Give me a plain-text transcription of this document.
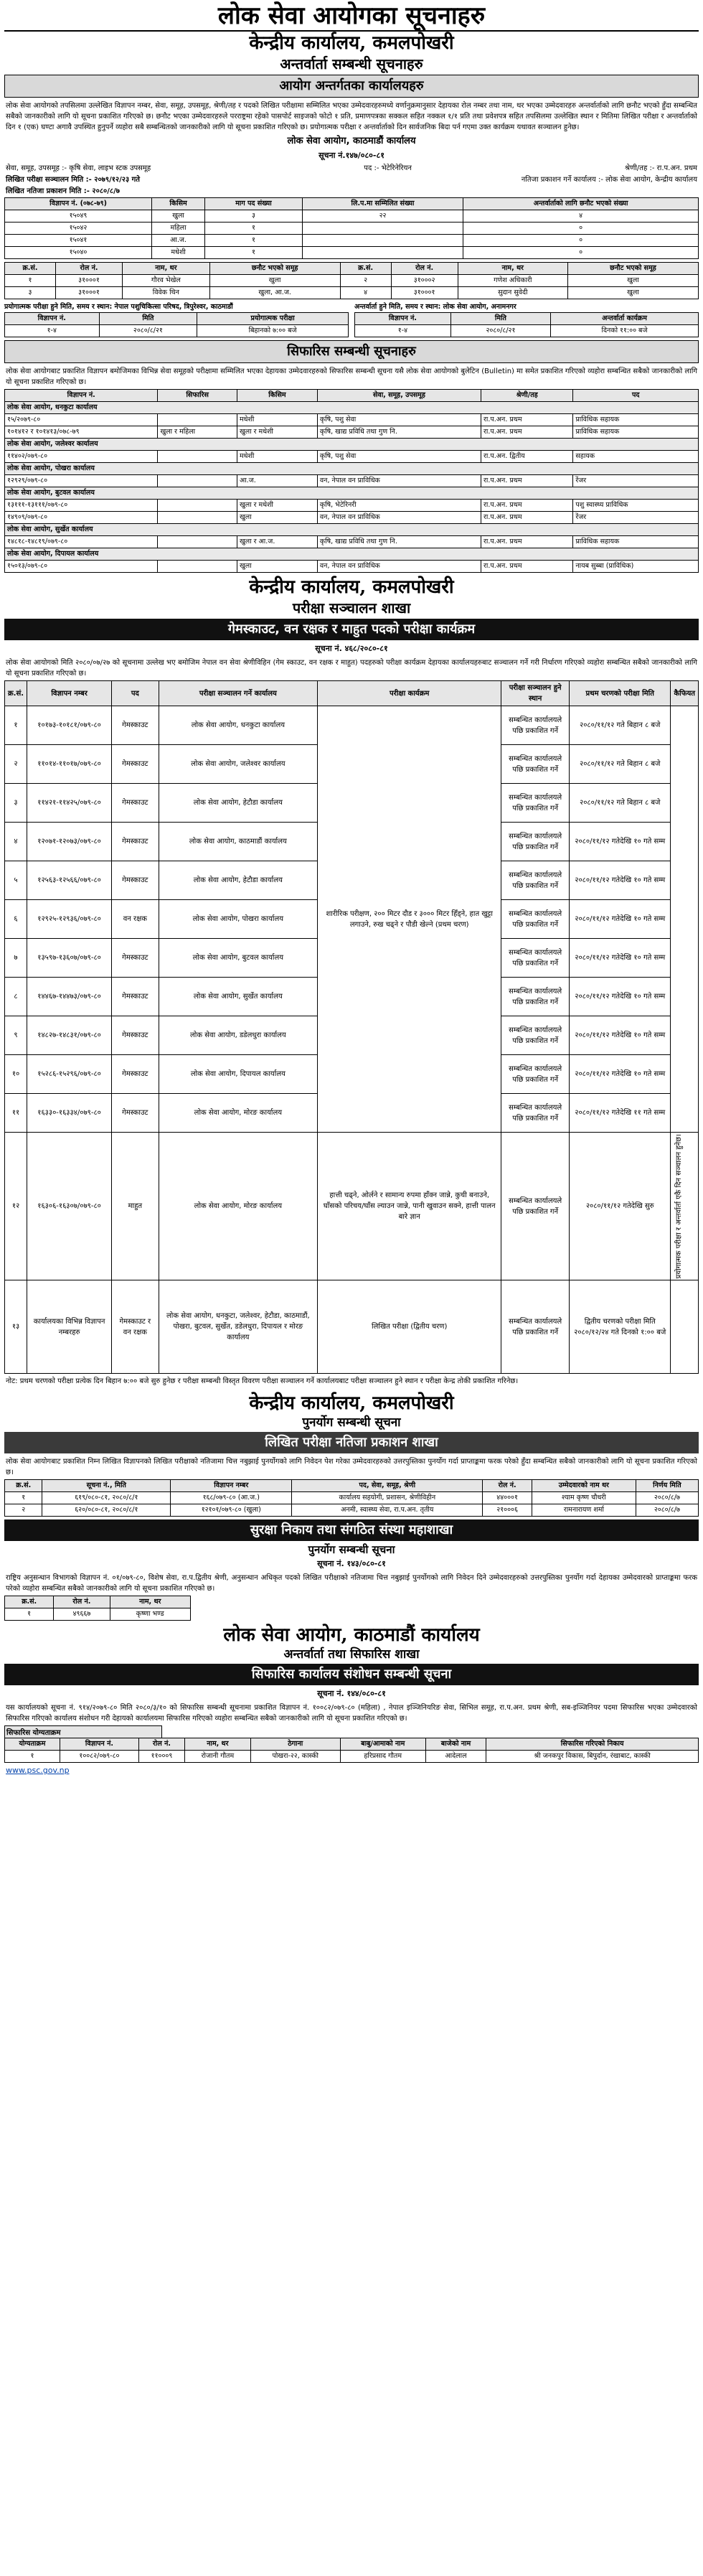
लोक सेवा आयोगका सूचनाहरु
केन्द्रीय कार्यालय, कमलपोखरी
अन्तर्वार्ता सम्बन्धी सूचनाहरु
आयोग अन्तर्गतका कार्यालयहरु
लोक सेवा आयोगको तपसिलमा उल्लेखित विज्ञापन नम्बर, सेवा, समूह, उपसमूह, श्रेणी/तह र पदको लिखित परीक्षामा सम्मिलित भएका उम्मेदवारहरुमध्ये वर्णानुक्रमानुसार देहायका रोल नम्बर तथा नाम, थर भएका उम्मेदवारहरु अन्तर्वार्ताको लागि छनौट भएको हुँदा सम्बन्धित सबैको जानकारीको लागि यो सूचना प्रकाशित गरिएको छ। छनौट भएका उम्मेदवारहरुले परराष्ट्रमा रहेको पासपोर्ट साइजको फोटो १ प्रति, प्रमाणपत्रका सक्कल सहित नक्कल १/१ प्रति तथा प्रवेशपत्र सहित तपसिलमा उल्लेखित स्थान र मितिमा लिखित परीक्षा र अन्तर्वार्ताको दिन १ (एक) घण्टा अगावै उपस्थित हुनुपर्ने व्यहोरा सबै सम्बन्धितको जानकारीको लागि यो सूचना प्रकाशित गरिएको छ। प्रयोगात्मक परीक्षा र अन्तर्वार्ताको दिन सार्वजनिक बिदा पर्न गएमा उक्त कार्यक्रम यथावत सञ्चालन हुनेछ।
लोक सेवा आयोग, काठमाडौं कार्यालय
सूचना नं.१४७/०८०-८१
सेवा, समूह, उपसमूह :- कृषि सेवा, लाइभ स्टक उपसमूह	पद :- भेटेरिनेरियन	श्रेणी/तह :- रा.प.अन. प्रथम
लिखित परीक्षा सञ्चालन मिति :- २०७९/१२/२३ गते	नतिजा प्रकाशन गर्ने कार्यालय :- लोक सेवा आयोग, केन्द्रीय कार्यालय
लिखित नतिजा प्रकाशन मिति :- २०८०/८/७
विज्ञापन नं. (०७८-७९)	किसिम	माग पद संख्या	लि.प.मा सम्मिलित संख्या	अन्तर्वार्ताको लागि छनौट भएको संख्या
१५०४९	खुला	३	२२	४
१५०४२	महिला	१		०
१५०४१	आ.ज.	१		०
१५०४०	मधेशी	१		०
क्र.सं.	रोल नं.	नाम, थर	छनौट भएको समूह	क्र.सं.	रोल नं.	नाम, थर	छनौट भएको समूह
१	३१०००१	गौरव भेखेल	खुला	२	३१०००२	गणेश अधिकारी	खुला
३	३१०००१	विवेक थिन	खुला, आ.ज.	४	३१०००१	सुदान सुवेदी	खुला
प्रयोगात्मक परीक्षा हुने मिति, समय र स्थान: नेपाल पशुचिकित्सा परिषद, त्रिपुरेश्वर, काठमाडौं
विज्ञापन नं.	मिति	प्रयोगात्मक परीक्षा
१-४	२०८०/८/२१	बिहानको ७:०० बजे
अन्तर्वार्ता हुने मिति, समय र स्थान: लोक सेवा आयोग, अनामनगर
विज्ञापन नं.	मिति	अन्तर्वार्ता कार्यक्रम
१-४	२०८०/८/२१	दिनको ११:०० बजे
सिफारिस सम्बन्धी सूचनाहरु
लोक सेवा आयोगबाट प्रकाशित विज्ञापन बमोजिमका विभिन्न सेवा समूहको परीक्षामा सम्मिलित भएका देहायका उम्मेदवारहरुको सिफारिस सम्बन्धी सूचना यसै लोक सेवा आयोगको बुलेटिन (Bulletin) मा समेत प्रकाशित गरिएको व्यहोरा सम्बन्धित सबैको जानकारीको लागि यो सूचना प्रकाशित गरिएको छ।
विज्ञापन नं.	सिफारिस	किसिम	सेवा, समूह, उपसमूह	श्रेणी/तह	पद
लोक सेवा आयोग, धनकुटा कार्यालय					
१५/२०७९-८०		मधेशी	कृषि, पशु सेवा	रा.प.अन. प्रथम	प्राविधिक सहायक
१०१४१२ र १०१४१३/०७८-७९	खुला र महिला	खुला र मधेशी	कृषि, खाद्य प्रविधि तथा गुण नि.	रा.प.अन. प्रथम	प्राविधिक सहायक
लोक सेवा आयोग, जलेश्वर कार्यालय					
११४०२/०७९-८०		मधेशी	कृषि, पशु सेवा	रा.प.अन. द्वितीय	सहायक
लोक सेवा आयोग, पोखरा कार्यालय					
१२९२९/०७९-८०		आ.ज.	वन, नेपाल वन प्राविधिक	रा.प.अन. प्रथम	रेंजर
लोक सेवा आयोग, बुटवल कार्यालय					
१३१११-१३१११/०७९-८०		खुला र मधेशी	कृषि, भेटेरिनरी	रा.प.अन. प्रथम	पशु स्वास्थ्य प्राविधिक
१४९०९/०७९-८०		खुला	वन, नेपाल वन प्राविधिक	रा.प.अन. प्रथम	रेंजर
लोक सेवा आयोग, सुर्खेत कार्यालय					
१४८१८-१४८१९/०७९-८०		खुला र आ.ज.	कृषि, खाद्य प्रविधि तथा गुण नि.	रा.प.अन. प्रथम	प्राविधिक सहायक
लोक सेवा आयोग, दिपायल कार्यालय					
१५०१३/०७९-८०		खुला	वन, नेपाल वन प्राविधिक	रा.प.अन. प्रथम	नायब सुब्बा (प्राविधिक)
केन्द्रीय कार्यालय, कमलपोखरी
परीक्षा सञ्चालन शाखा
गेमस्काउट, वन रक्षक र माहुत पदको परीक्षा कार्यक्रम
सूचना नं. ४६८/२०८०-८१
लोक सेवा आयोगको मिति २०८०/०७/२७ को सूचनामा उल्लेख भए बमोजिम नेपाल वन सेवा श्रेणीविहिन (गेम स्काउट, वन रक्षक र माहुत) पदहरुको परीक्षा कार्यक्रम देहायका कार्यालयहरुबाट सञ्चालन गर्ने गरी निर्धारण गरिएको व्यहोरा सम्बन्धित सबैको जानकारीको लागि यो सूचना प्रकाशित गरिएको छ।
क्र.सं.	विज्ञापन नम्बर	पद	परीक्षा सञ्चालन गर्ने कार्यालय	परीक्षा कार्यक्रम	परीक्षा सञ्चालन हुने स्थान	प्रथम चरणको परीक्षा मिति	कैफियत
१	१०१७३-१०१८१/०७९-८०	गेमस्काउट	लोक सेवा आयोग, धनकुटा कार्यालय	शारीरिक परीक्षण, २०० मिटर दौड र ३००० मिटर हिँड्ने, हात खुट्टा लगाउने, रुख चढ्ने र पौडी खेल्ने (प्रथम चरण)	सम्बन्धित कार्यालयले पछि प्रकाशित गर्ने	२०८०/११/१२ गते बिहान ८ बजे	
२	११०१४-११०१७/०७९-८०	गेमस्काउट	लोक सेवा आयोग, जलेश्वर कार्यालय		सम्बन्धित कार्यालयले पछि प्रकाशित गर्ने	२०८०/११/१२ गते बिहान ८ बजे	
३	११४२१-११४२५/०७९-८०	गेमस्काउट	लोक सेवा आयोग, हेटौडा कार्यालय		सम्बन्धित कार्यालयले पछि प्रकाशित गर्ने	२०८०/११/१२ गते बिहान ८ बजे	
४	१२०७१-१२०७३/०७९-८०	गेमस्काउट	लोक सेवा आयोग, काठमाडौं कार्यालय		सम्बन्धित कार्यालयले पछि प्रकाशित गर्ने	२०८०/११/१२ गतेदेखि १० गते सम्म	
५	१२५६३-१२५६६/०७९-८०	गेमस्काउट	लोक सेवा आयोग, हेटौडा कार्यालय		सम्बन्धित कार्यालयले पछि प्रकाशित गर्ने	२०८०/११/१२ गतेदेखि १० गते सम्म	
६	१२९२५-१२९३६/०७९-८०	वन रक्षक	लोक सेवा आयोग, पोखरा कार्यालय		सम्बन्धित कार्यालयले पछि प्रकाशित गर्ने	२०८०/११/१२ गतेदेखि १० गते सम्म	
७	१३५९७-१३६०७/०७९-८०	गेमस्काउट	लोक सेवा आयोग, बुटवल कार्यालय		सम्बन्धित कार्यालयले पछि प्रकाशित गर्ने	२०८०/११/१२ गतेदेखि १० गते सम्म	
८	१४४६७-१४४७३/०७९-८०	गेमस्काउट	लोक सेवा आयोग, सुर्खेत कार्यालय		सम्बन्धित कार्यालयले पछि प्रकाशित गर्ने	२०८०/११/१२ गतेदेखि १० गते सम्म	
९	१४८२७-१४८३१/०७९-८०	गेमस्काउट	लोक सेवा आयोग, डडेलधुरा कार्यालय		सम्बन्धित कार्यालयले पछि प्रकाशित गर्ने	२०८०/११/१२ गतेदेखि १० गते सम्म	
१०	१५२८६-१५२९६/०७९-८०	गेमस्काउट	लोक सेवा आयोग, दिपायल कार्यालय		सम्बन्धित कार्यालयले पछि प्रकाशित गर्ने	२०८०/११/१२ गतेदेखि १० गते सम्म	
११	१६३३०-१६३३४/०७९-८०	गेमस्काउट	लोक सेवा आयोग, मोरङ कार्यालय		सम्बन्धित कार्यालयले पछि प्रकाशित गर्ने	२०८०/११/१२ गतेदेखि ११ गते सम्म	
१२	१६३०६-१६३०७/०७९-८०	माहुत	लोक सेवा आयोग, मोरङ कार्यालय	हात्ती चढ्ने, ओर्लने र सामान्य रुपमा हाँक्न जान्ने, कुची बनाउने, घाँसको परिचय/घाँस ल्याउन जान्ने, पानी खुवाउन सक्ने, हात्ती पालन बारे ज्ञान	सम्बन्धित कार्यालयले पछि प्रकाशित गर्ने	२०८०/११/१२ गतेदेखि सुरु	प्रयोगात्मक परीक्षा र अन्तर्वार्ता एकै दिन सञ्चालन हुनेछ।

१३	कार्यालयका विभिन्न विज्ञापन नम्बरहरु	गेमस्काउट र वन रक्षक	लोक सेवा आयोग, धनकुटा, जलेश्वर, हेटौडा, काठमाडौं, पोखरा, बुटवल, सुर्खेत, डडेलधुरा, दिपायल र मोरङ कार्यालय	लिखित परीक्षा (द्वितीय चरण)	सम्बन्धित कार्यालयले पछि प्रकाशित गर्ने	द्वितीय चरणको परीक्षा मिति २०८०/१२/२४ गते दिनको १:०० बजे	
नोट: प्रथम चरणको परीक्षा प्रत्येक दिन बिहान ७:०० बजे सुरु हुनेछ र परीक्षा सम्बन्धी विस्तृत विवरण परीक्षा सञ्चालन गर्ने कार्यालयबाट परीक्षा सञ्चालन हुने स्थान र परीक्षा केन्द्र तोकी प्रकाशित गरिनेछ।
केन्द्रीय कार्यालय, कमलपोखरी
पुनर्योग सम्बन्धी सूचना
लिखित परीक्षा नतिजा प्रकाशन शाखा
लोक सेवा आयोगबाट प्रकाशित निम्न लिखित विज्ञापनको लिखित परीक्षाको नतिजामा चित्त नबुझाई पुनर्योगको लागि निवेदन पेश गरेका उम्मेदवारहरुको उत्तरपुस्तिका पुनर्योग गर्दा प्राप्ताङ्कमा फरक परेको हुँदा सम्बन्धित सबैको जानकारीको लागि यो सूचना प्रकाशित गरिएको छ।
क्र.सं.	सूचना नं., मिति	विज्ञापन नम्बर	पद, सेवा, समूह, श्रेणी	रोल नं.	उम्मेदवारको नाम थर	निर्णय मिति
१	६१९/०८०-८१, २०८०/८/१	१६८/०७९-८० (आ.ज.)	कार्यालय सहयोगी, प्रशासन, श्रेणीविहीन	४४०००१	श्याम कृष्ण चौधरी	२०८०/८/७
२	६२०/०८०-८१, २०८०/८/१	१२१०१/०७९-८० (खुला)	अनमी, स्वास्थ्य सेवा, रा.प.अन. तृतीय	२१०००६	रामनारायण शर्मा	२०८०/८/७
सुरक्षा निकाय तथा संगठित संस्था महाशाखा
पुनर्योग सम्बन्धी सूचना
सूचना नं. १४३/०८०-८१
राष्ट्रिय अनुसन्धान विभागको विज्ञापन नं. ०१/०७९-८०, विशेष सेवा, रा.प.द्वितीय श्रेणी, अनुसन्धान अधिकृत पदको लिखित परीक्षाको नतिजामा चित्त नबुझाई पुनर्योगको लागि निवेदन दिने उम्मेदवारहरुको उत्तरपुस्तिका पुनर्योग गर्दा देहायका उम्मेदवारको प्राप्ताङ्कमा फरक परेको व्यहोरा सम्बन्धित सबैको जानकारीको लागि यो सूचना प्रकाशित गरिएको छ।
क्र.सं.	रोल नं.	नाम, थर
१	४९६६७	कृष्णा भण्ड
लोक सेवा आयोग, काठमाडौं कार्यालय
अन्तर्वार्ता तथा सिफारिस शाखा
सिफारिस कार्यालय संशोधन सम्बन्धी सूचना
सूचना नं. १४४/०८०-८१
यस कार्यालयको सूचना नं. ९१४/२०७९-८० मिति २०८०/३/१० को सिफारिस सम्बन्धी सूचनामा प्रकाशित विज्ञापन नं. १००८२/०७९-८० (महिला) , नेपाल इञ्जिनियरिङ सेवा, सिभिल समूह, रा.प.अन. प्रथम श्रेणी, सब-इञ्जिनियर पदमा सिफारिस भएका उम्मेदवारको सिफारिस गरिएको कार्यालय संशोधन गरी देहायको कार्यालयमा सिफारिस गरिएको व्यहोरा सम्बन्धित सबैको जानकारीको लागि यो सूचना प्रकाशित गरिएको छ।
सिफारिस योग्यताक्रम
योग्यताक्रम	विज्ञापन नं.	रोल नं.	नाम, थर	ठेगाना	बाबु/आमाको नाम	बाजेको नाम	सिफारिस गरिएको निकाय
१	१००८२/०७९-८०	११०००९	रोजानी गौतम	पोखरा-२२, कास्की	हरिप्रसाद गौतम	आदेलाल	श्री जनकपुर विकास, बिपुर्दान, रंखाबाट, कास्की
www.psc.gov.np
